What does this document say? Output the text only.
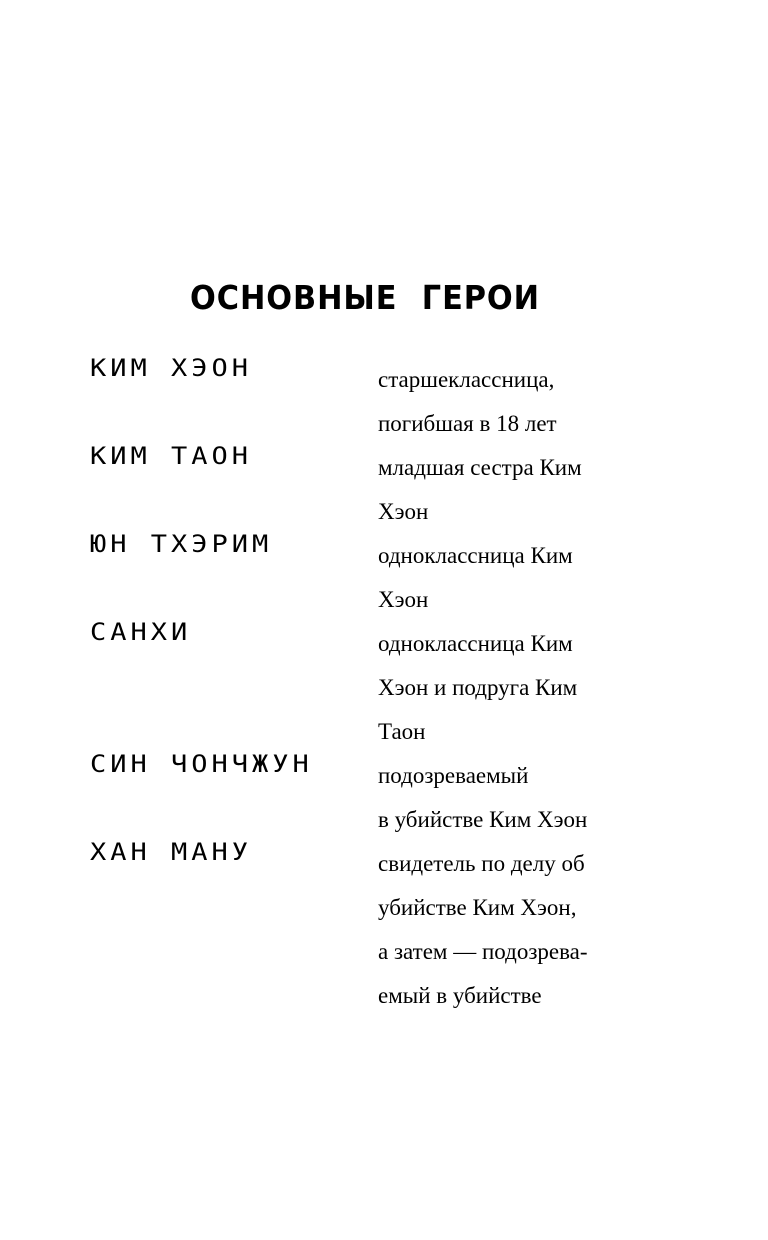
ОСНОВНЫЕ ГЕРОИ
КИМ ХЭОН	старшеклассница,
погибшая в 18 лет
КИМ ТАОН	младшая сестра Ким
Хэон
ЮН ТХЭРИМ	одноклассница Ким
Хэон
САНХИ	одноклассница Ким
Хэон и подруга Ким
Таон
СИН ЧОНЧЖУН	подозреваемый
в убийстве Ким Хэон
ХАН МАНУ	свидетель по делу об
убийстве Ким Хэон,
а затем — подозрева-
емый в убийстве
